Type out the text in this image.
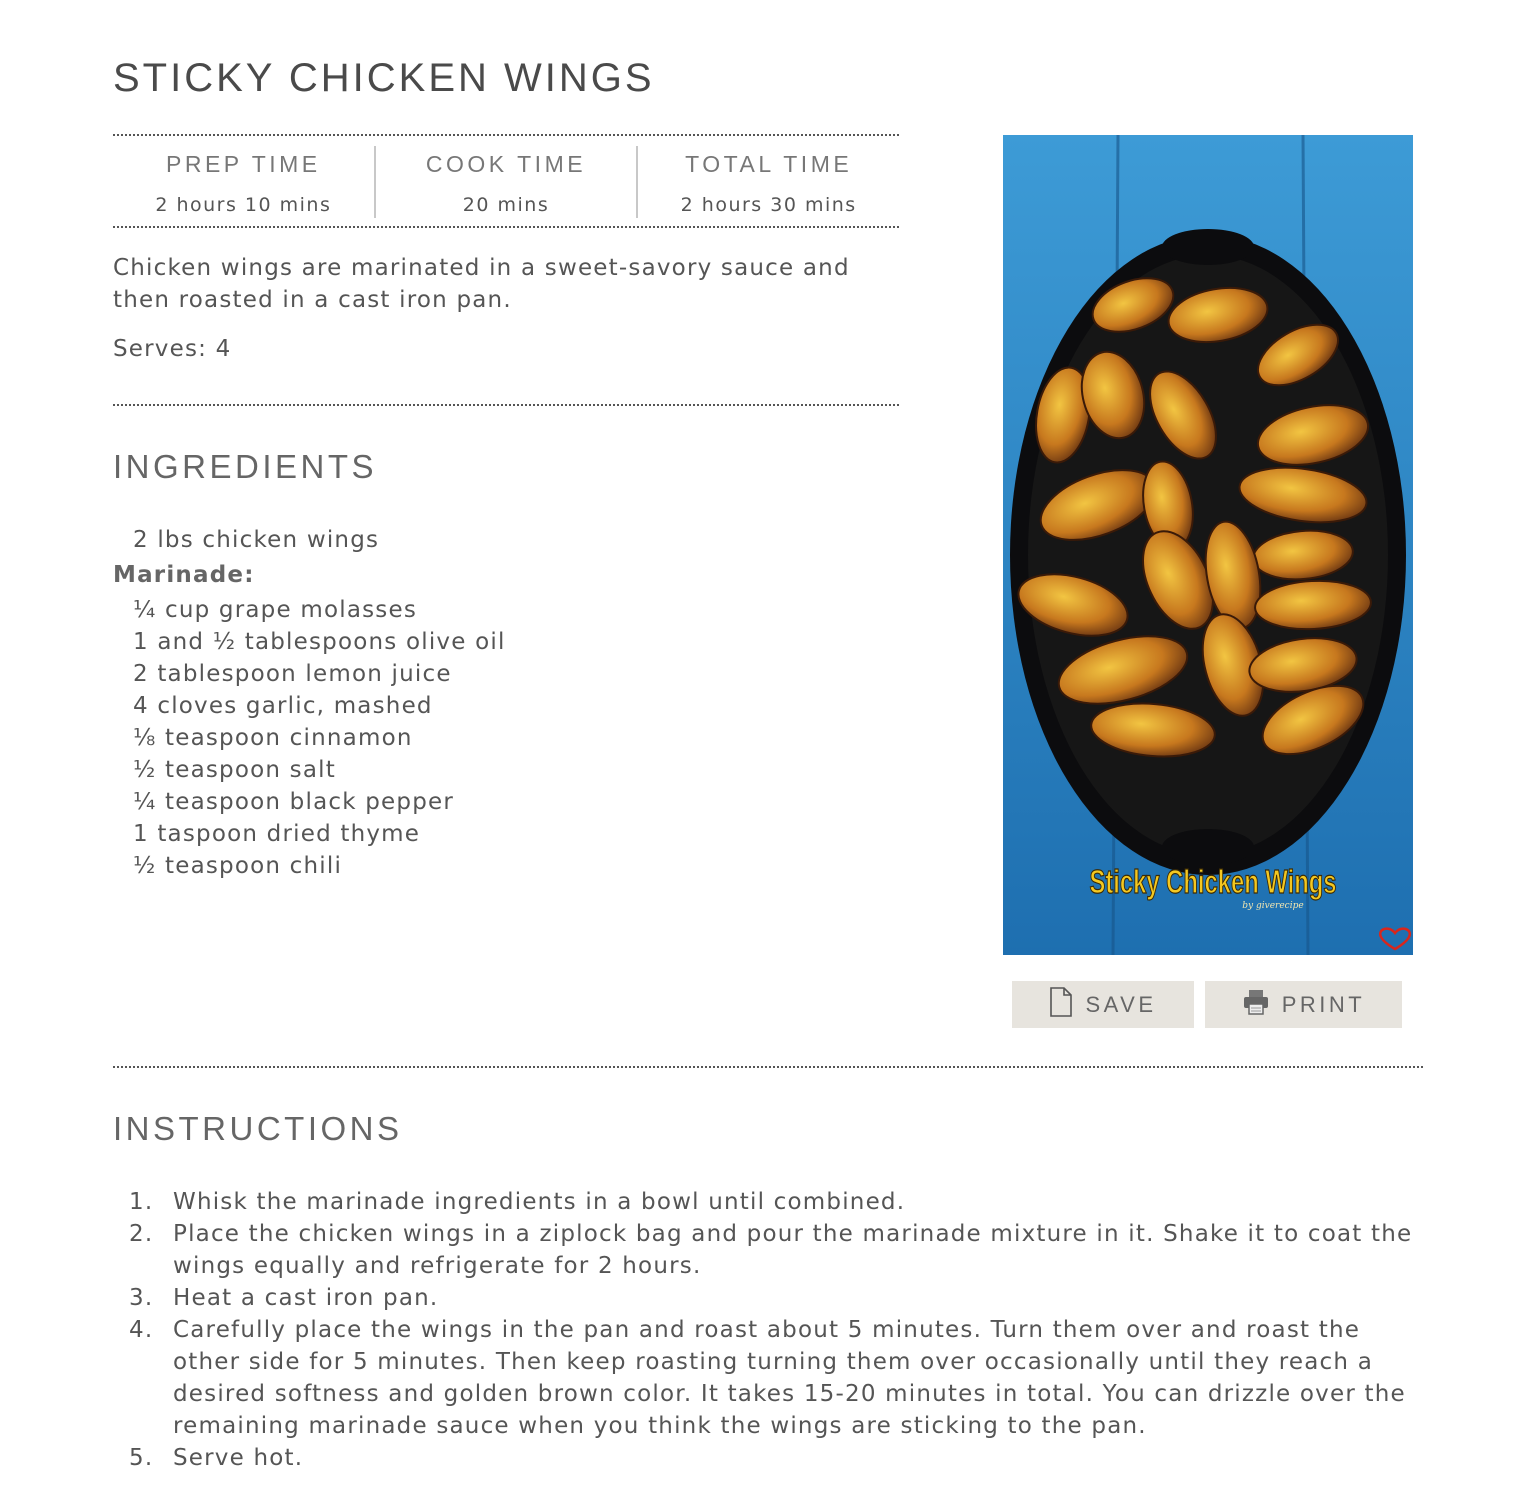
STICKY CHICKEN WINGS
PREP TIME
2 hours 10 mins
COOK TIME
20 mins
TOTAL TIME
2 hours 30 mins

Chicken wings are marinated in a sweet-savory sauce and then roasted in a cast iron pan.

Serves: 4

INGREDIENTS
2 lbs chicken wings
Marinade:
¼ cup grape molasses
1 and ½ tablespoons olive oil
2 tablespoon lemon juice
4 cloves garlic, mashed
⅛ teaspoon cinnamon
½ teaspoon salt
¼ teaspoon black pepper
1 taspoon dried thyme
½ teaspoon chili	Sticky Chicken Wings
by giverecipe
SAVE	PRINT
INSTRUCTIONS
Whisk the marinade ingredients in a bowl until combined.
Place the chicken wings in a ziplock bag and pour the marinade mixture in it. Shake it to coat the wings equally and refrigerate for 2 hours.
Heat a cast iron pan.
Carefully place the wings in the pan and roast about 5 minutes. Turn them over and roast the other side for 5 minutes. Then keep roasting turning them over occasionally until they reach a desired softness and golden brown color. It takes 15-20 minutes in total. You can drizzle over the remaining marinade sauce when you think the wings are sticking to the pan.
Serve hot.
